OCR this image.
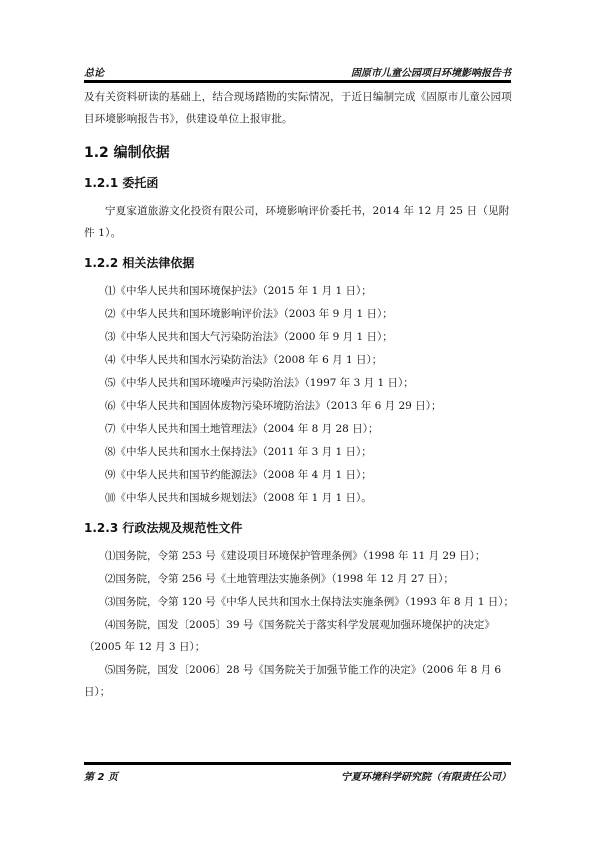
总论	固原市儿童公园项目环境影响报告书

及有关资料研读的基础上，结合现场踏勘的实际情况，于近日编制完成《固原市儿童公园项目环境影响报告书》，供建设单位上报审批。

1.2 编制依据
1.2.1 委托函

宁夏家道旅游文化投资有限公司，环境影响评价委托书，2014 年 12 月 25 日（见附件 1）。

1.2.2 相关法律依据
⑴《中华人民共和国环境保护法》（2015 年 1 月 1 日）；
⑵《中华人民共和国环境影响评价法》（2003 年 9 月 1 日）；
⑶《中华人民共和国大气污染防治法》（2000 年 9 月 1 日）；
⑷《中华人民共和国水污染防治法》（2008 年 6 月 1 日）；
⑸《中华人民共和国环境噪声污染防治法》（1997 年 3 月 1 日）；
⑹《中华人民共和国固体废物污染环境防治法》（2013 年 6 月 29 日）；
⑺《中华人民共和国土地管理法》（2004 年 8 月 28 日）；
⑻《中华人民共和国水土保持法》（2011 年 3 月 1 日）；
⑼《中华人民共和国节约能源法》（2008 年 4 月 1 日）；
⑽《中华人民共和国城乡规划法》（2008 年 1 月 1 日）。
1.2.3 行政法规及规范性文件
⑴国务院，令第 253 号《建设项目环境保护管理条例》（1998 年 11 月 29 日）；
⑵国务院，令第 256 号《土地管理法实施条例》（1998 年 12 月 27 日）；
⑶国务院，令第 120 号《中华人民共和国水土保持法实施条例》（1993 年 8 月 1 日）；
⑷国务院，国发〔2005〕39 号《国务院关于落实科学发展观加强环境保护的决定》（2005 年 12 月 3 日）；
⑸国务院，国发〔2006〕28 号《国务院关于加强节能工作的决定》（2006 年 8 月 6 日）；
第 2 页	宁夏环境科学研究院（有限责任公司）
